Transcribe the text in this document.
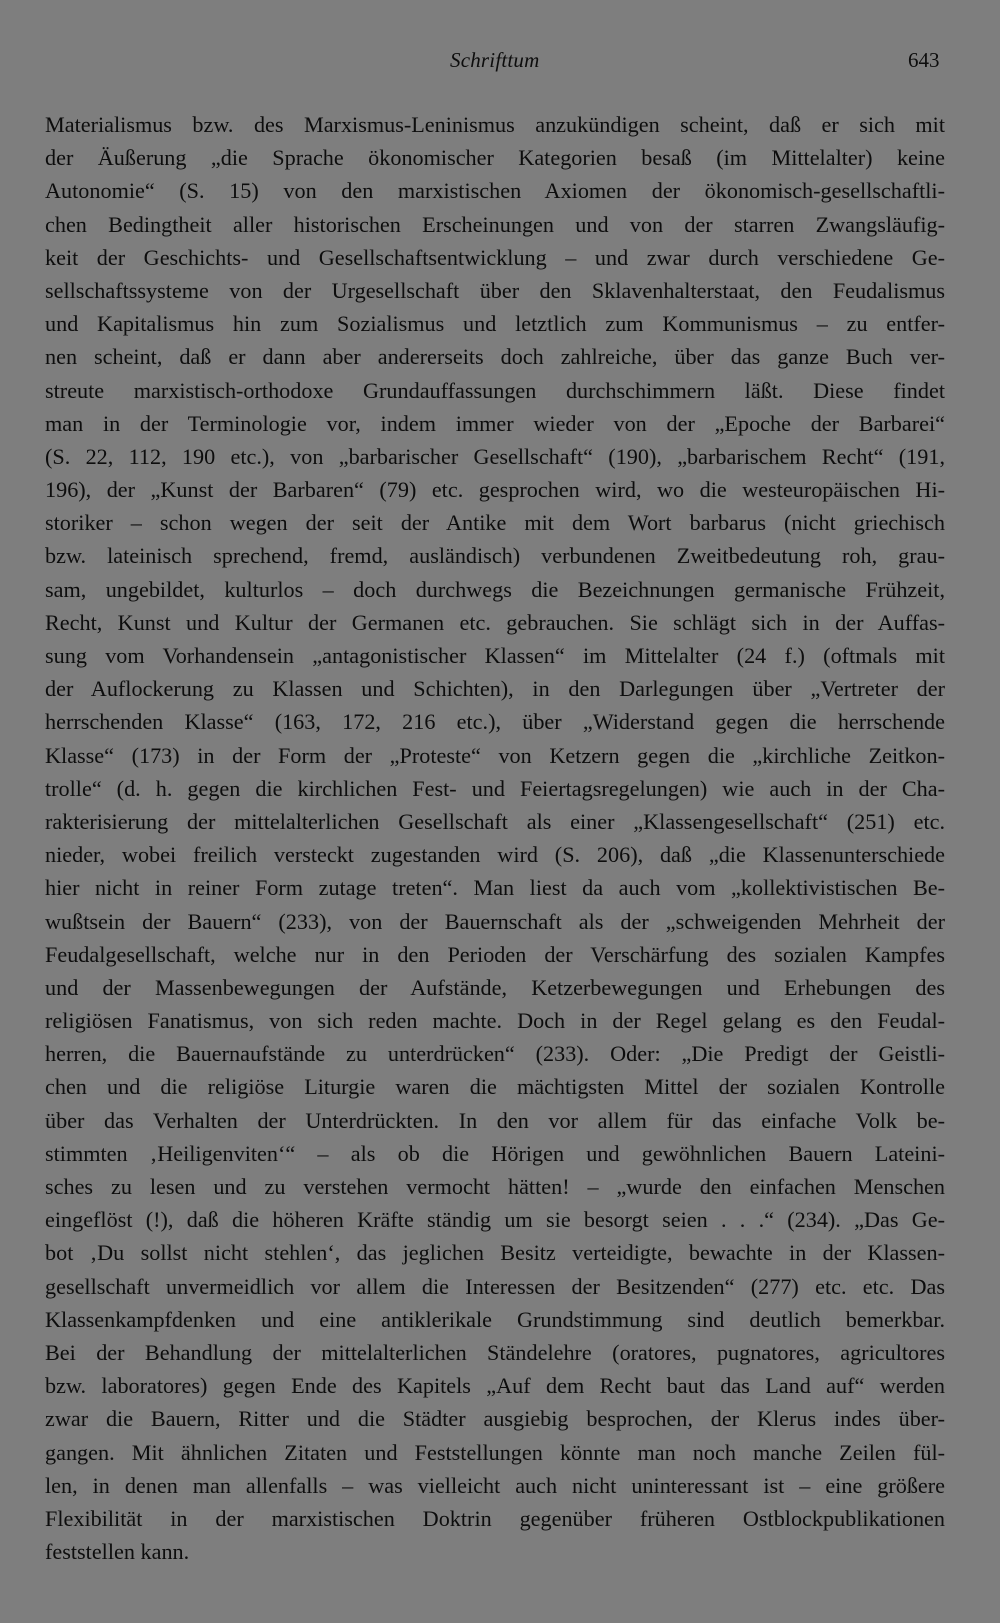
Schrifttum	643
Materialismus bzw. des Marxismus-Leninismus anzukündigen scheint, daß er sich mit
der Äußerung „die Sprache ökonomischer Kategorien besaß (im Mittelalter) keine
Autonomie“ (S. 15) von den marxistischen Axiomen der ökonomisch-gesellschaftli-
chen Bedingtheit aller historischen Erscheinungen und von der starren Zwangsläufig-
keit der Geschichts- und Gesellschaftsentwicklung – und zwar durch verschiedene Ge-
sellschaftssysteme von der Urgesellschaft über den Sklavenhalterstaat, den Feudalismus
und Kapitalismus hin zum Sozialismus und letztlich zum Kommunismus – zu entfer-
nen scheint, daß er dann aber andererseits doch zahlreiche, über das ganze Buch ver-
streute marxistisch-orthodoxe Grundauffassungen durchschimmern läßt. Diese findet
man in der Terminologie vor, indem immer wieder von der „Epoche der Barbarei“
(S. 22, 112, 190 etc.), von „barbarischer Gesellschaft“ (190), „barbarischem Recht“ (191,
196), der „Kunst der Barbaren“ (79) etc. gesprochen wird, wo die westeuropäischen Hi-
storiker – schon wegen der seit der Antike mit dem Wort barbarus (nicht griechisch
bzw. lateinisch sprechend, fremd, ausländisch) verbundenen Zweitbedeutung roh, grau-
sam, ungebildet, kulturlos – doch durchwegs die Bezeichnungen germanische Frühzeit,
Recht, Kunst und Kultur der Germanen etc. gebrauchen. Sie schlägt sich in der Auffas-
sung vom Vorhandensein „antagonistischer Klassen“ im Mittelalter (24 f.) (oftmals mit
der Auflockerung zu Klassen und Schichten), in den Darlegungen über „Vertreter der
herrschenden Klasse“ (163, 172, 216 etc.), über „Widerstand gegen die herrschende
Klasse“ (173) in der Form der „Proteste“ von Ketzern gegen die „kirchliche Zeitkon-
trolle“ (d. h. gegen die kirchlichen Fest- und Feiertagsregelungen) wie auch in der Cha-
rakterisierung der mittelalterlichen Gesellschaft als einer „Klassengesellschaft“ (251) etc.
nieder, wobei freilich versteckt zugestanden wird (S. 206), daß „die Klassenunterschiede
hier nicht in reiner Form zutage treten“. Man liest da auch vom „kollektivistischen Be-
wußtsein der Bauern“ (233), von der Bauernschaft als der „schweigenden Mehrheit der
Feudalgesellschaft, welche nur in den Perioden der Verschärfung des sozialen Kampfes
und der Massenbewegungen der Aufstände, Ketzerbewegungen und Erhebungen des
religiösen Fanatismus, von sich reden machte. Doch in der Regel gelang es den Feudal-
herren, die Bauernaufstände zu unterdrücken“ (233). Oder: „Die Predigt der Geistli-
chen und die religiöse Liturgie waren die mächtigsten Mittel der sozialen Kontrolle
über das Verhalten der Unterdrückten. In den vor allem für das einfache Volk be-
stimmten ‚Heiligenviten‘“ – als ob die Hörigen und gewöhnlichen Bauern Lateini-
sches zu lesen und zu verstehen vermocht hätten! – „wurde den einfachen Menschen
eingeflöst (!), daß die höheren Kräfte ständig um sie besorgt seien . . .“ (234). „Das Ge-
bot ‚Du sollst nicht stehlen‘, das jeglichen Besitz verteidigte, bewachte in der Klassen-
gesellschaft unvermeidlich vor allem die Interessen der Besitzenden“ (277) etc. etc. Das
Klassenkampfdenken und eine antiklerikale Grundstimmung sind deutlich bemerkbar.
Bei der Behandlung der mittelalterlichen Ständelehre (oratores, pugnatores, agricultores
bzw. laboratores) gegen Ende des Kapitels „Auf dem Recht baut das Land auf“ werden
zwar die Bauern, Ritter und die Städter ausgiebig besprochen, der Klerus indes über-
gangen. Mit ähnlichen Zitaten und Feststellungen könnte man noch manche Zeilen fül-
len, in denen man allenfalls – was vielleicht auch nicht uninteressant ist – eine größere
Flexibilität in der marxistischen Doktrin gegenüber früheren Ostblockpublikationen
feststellen kann.
